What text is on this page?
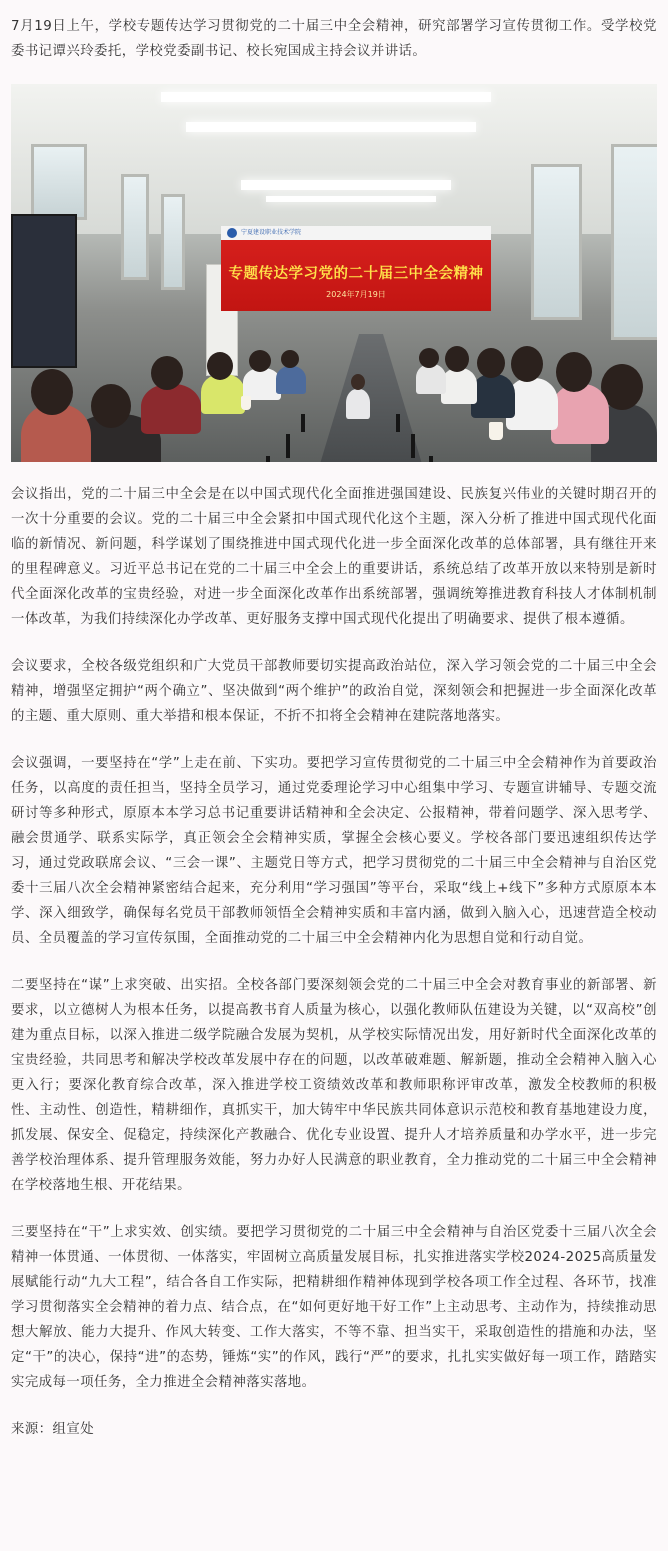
7月19日上午，学校专题传达学习贯彻党的二十届三中全会精神，研究部署学习宣传贯彻工作。受学校党委书记谭兴玲委托，学校党委副书记、校长宛国成主持会议并讲话。

宁夏建设职业技术学院
专题传达学习党的二十届三中全会精神
2024年7月19日

会议指出，党的二十届三中全会是在以中国式现代化全面推进强国建设、民族复兴伟业的关键时期召开的一次十分重要的会议。党的二十届三中全会紧扣中国式现代化这个主题，深入分析了推进中国式现代化面临的新情况、新问题，科学谋划了围绕推进中国式现代化进一步全面深化改革的总体部署，具有继往开来的里程碑意义。习近平总书记在党的二十届三中全会上的重要讲话，系统总结了改革开放以来特别是新时代全面深化改革的宝贵经验，对进一步全面深化改革作出系统部署，强调统筹推进教育科技人才体制机制一体改革，为我们持续深化办学改革、更好服务支撑中国式现代化提出了明确要求、提供了根本遵循。

会议要求，全校各级党组织和广大党员干部教师要切实提高政治站位，深入学习领会党的二十届三中全会精神，增强坚定拥护“两个确立”、坚决做到“两个维护”的政治自觉，深刻领会和把握进一步全面深化改革的主题、重大原则、重大举措和根本保证，不折不扣将全会精神在建院落地落实。

会议强调，一要坚持在“学”上走在前、下实功。要把学习宣传贯彻党的二十届三中全会精神作为首要政治任务，以高度的责任担当，坚持全员学习，通过党委理论学习中心组集中学习、专题宣讲辅导、专题交流研讨等多种形式，原原本本学习总书记重要讲话精神和全会决定、公报精神，带着问题学、深入思考学、融会贯通学、联系实际学，真正领会全会精神实质，掌握全会核心要义。学校各部门要迅速组织传达学习，通过党政联席会议、“三会一课”、主题党日等方式，把学习贯彻党的二十届三中全会精神与自治区党委十三届八次全会精神紧密结合起来，充分利用“学习强国”等平台，采取“线上+线下”多种方式原原本本学、深入细致学，确保每名党员干部教师领悟全会精神实质和丰富内涵，做到入脑入心，迅速营造全校动员、全员覆盖的学习宣传氛围，全面推动党的二十届三中全会精神内化为思想自觉和行动自觉。

二要坚持在“谋”上求突破、出实招。全校各部门要深刻领会党的二十届三中全会对教育事业的新部署、新要求，以立德树人为根本任务，以提高教书育人质量为核心，以强化教师队伍建设为关键，以“双高校”创建为重点目标，以深入推进二级学院融合发展为契机，从学校实际情况出发，用好新时代全面深化改革的宝贵经验，共同思考和解决学校改革发展中存在的问题，以改革破难题、解新题，推动全会精神入脑入心更入行；要深化教育综合改革，深入推进学校工资绩效改革和教师职称评审改革，激发全校教师的积极性、主动性、创造性，精耕细作，真抓实干，加大铸牢中华民族共同体意识示范校和教育基地建设力度，抓发展、保安全、促稳定，持续深化产教融合、优化专业设置、提升人才培养质量和办学水平，进一步完善学校治理体系、提升管理服务效能，努力办好人民满意的职业教育，全力推动党的二十届三中全会精神在学校落地生根、开花结果。

三要坚持在“干”上求实效、创实绩。要把学习贯彻党的二十届三中全会精神与自治区党委十三届八次全会精神一体贯通、一体贯彻、一体落实，牢固树立高质量发展目标，扎实推进落实学校2024-2025高质量发展赋能行动“九大工程”，结合各自工作实际，把精耕细作精神体现到学校各项工作全过程、各环节，找准学习贯彻落实全会精神的着力点、结合点，在“如何更好地干好工作”上主动思考、主动作为，持续推动思想大解放、能力大提升、作风大转变、工作大落实，不等不靠、担当实干，采取创造性的措施和办法，坚定“干”的决心，保持“进”的态势，锤炼“实”的作风，践行“严”的要求，扎扎实实做好每一项工作，踏踏实实完成每一项任务，全力推进全会精神落实落地。

来源：组宣处
